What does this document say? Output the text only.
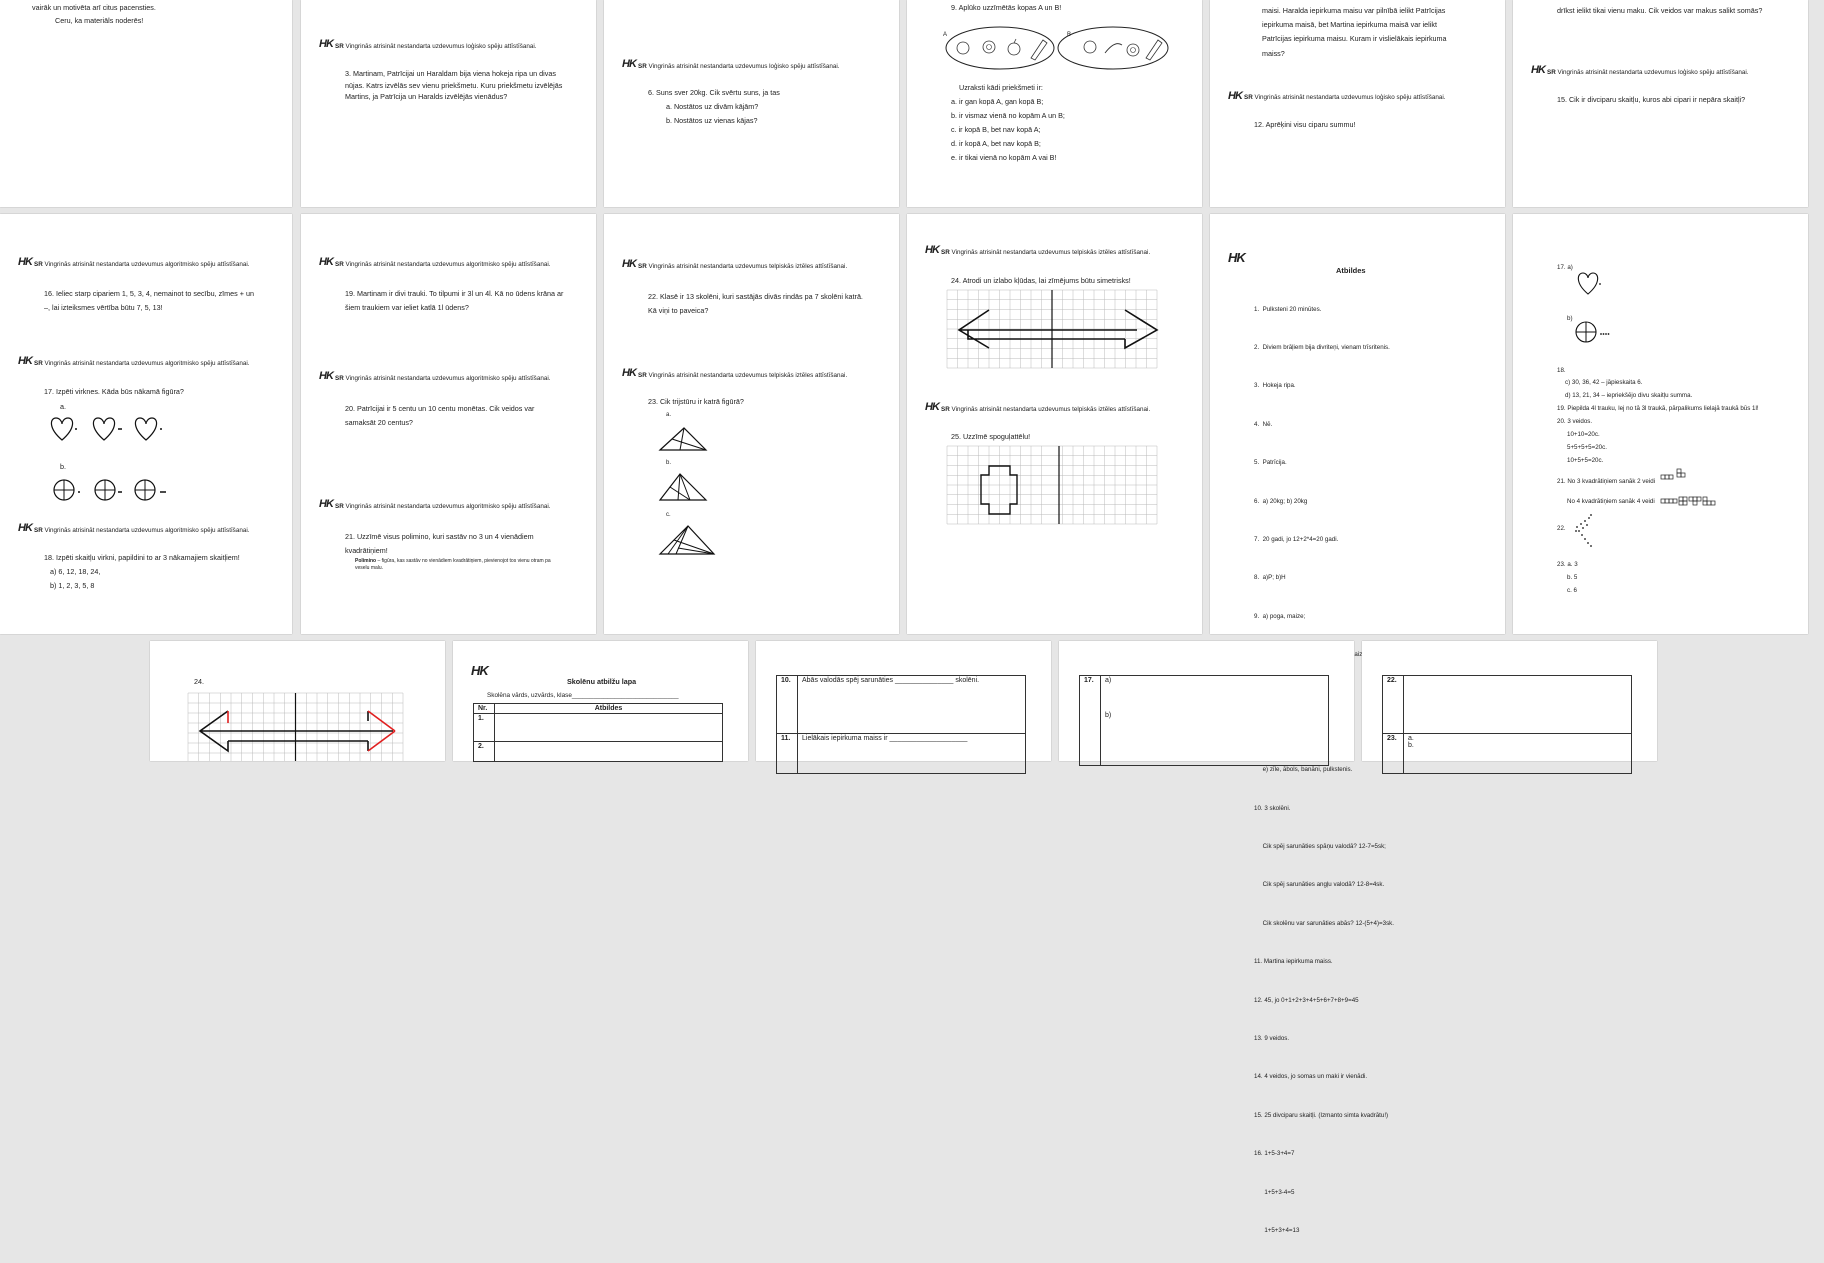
vairāk un motivēta arī citus pacensties.
Ceru, ka materiāls noderēs!
HK SR Vingrinās atrisināt nestandarta uzdevumus loģisko spēju attīstīšanai.
3. Martinam, Patrīcijai un Haraldam bija viena hokeja ripa un divas nūjas. Katrs izvēlās sev vienu priekšmetu. Kuru priekšmetu izvēlējās Martins, ja Patrīcija un Haralds izvēlējās vienādus?
HK SR Vingrinās atrisināt nestandarta uzdevumus loģisko spēju attīstīšanai.
6. Suns sver 20kg. Cik svērtu suns, ja tas
a. Nostātos uz divām kājām?
b. Nostātos uz vienas kājas?
9. Aplūko uzzīmētās kopas A un B!
A	B
Uzraksti kādi priekšmeti ir:
a. ir gan kopā A, gan kopā B;
b. ir vismaz vienā no kopām A un B;
c. ir kopā B, bet nav kopā A;
d. ir kopā A, bet nav kopā B;
e. ir tikai vienā no kopām A vai B!
maisi. Haralda iepirkuma maisu var pilnībā ielikt Patrīcijas
iepirkuma maisā, bet Martina iepirkuma maisā var ielikt
Patrīcijas iepirkuma maisu. Kuram ir vislielākais iepirkuma
maiss?
HK SR Vingrinās atrisināt nestandarta uzdevumus loģisko spēju attīstīšanai.
12. Aprēķini visu ciparu summu!
drīkst ielikt tikai vienu maku. Cik veidos var makus salikt somās?
HK SR Vingrinās atrisināt nestandarta uzdevumus loģisko spēju attīstīšanai.
15. Cik ir divciparu skaitļu, kuros abi cipari ir nepāra skaitļi?
HK SR Vingrinās atrisināt nestandarta uzdevumus algoritmisko spēju attīstīšanai.
16. Ieliec starp cipariem 1, 5, 3, 4, nemainot to secību, zīmes + un –, lai izteiksmes vērtība būtu 7, 5, 13!
HK SR Vingrinās atrisināt nestandarta uzdevumus algoritmisko spēju attīstīšanai.
17. Izpēti virknes. Kāda būs nākamā figūra?
a.
b.
HK SR Vingrinās atrisināt nestandarta uzdevumus algoritmisko spēju attīstīšanai.
18. Izpēti skaitļu virkni, papildini to ar 3 nākamajiem skaitļiem!
a) 6, 12, 18, 24,
b) 1, 2, 3, 5, 8
HK SR Vingrinās atrisināt nestandarta uzdevumus algoritmisko spēju attīstīšanai.
19. Martinam ir divi trauki. To tilpumi ir 3l un 4l. Kā no ūdens krāna ar šiem traukiem var ieliet katlā 1l ūdens?
HK SR Vingrinās atrisināt nestandarta uzdevumus algoritmisko spēju attīstīšanai.
20. Patrīcijai ir 5 centu un 10 centu monētas. Cik veidos var samaksāt 20 centus?
HK SR Vingrinās atrisināt nestandarta uzdevumus algoritmisko spēju attīstīšanai.
21. Uzzīmē visus polimino, kuri sastāv no 3 un 4 vienādiem kvadrātiņiem!
Polimino – figūra, kas sastāv no vienādiem kvadrātiņiem, pievienojot tos vienu otram pa veselu malu.
HK SR Vingrinās atrisināt nestandarta uzdevumus telpiskās iztēles attīstīšanai.
22. Klasē ir 13 skolēni, kuri sastājās divās rindās pa 7 skolēni katrā. Kā viņi to paveica?
HK SR Vingrinās atrisināt nestandarta uzdevumus telpiskās iztēles attīstīšanai.
23. Cik trijstūru ir katrā figūrā?
a.
b.
c.
HK SR Vingrinās atrisināt nestandarta uzdevumus telpiskās iztēles attīstīšanai.
24. Atrodi un izlabo kļūdas, lai zīmējums būtu simetrisks!
HK SR Vingrinās atrisināt nestandarta uzdevumus telpiskās iztēles attīstīšanai.
25. Uzzīmē spoguļattēlu!
HK
Atbildes

1.  Pulksteni 20 minūtes.

2.  Diviem brāļiem bija divriteņi, vienam trīsritenis.

3.  Hokeja ripa.

4.  Nē.

5.  Patrīcija.

6.  a) 20kg; b) 20kg

7.  20 gadi, jo 12+2*4=20 gadi.

8.  a)P; b)H

9.  a) poga, maize;

maize,

e) zīle, ābols, banāni, pulkstenis.

10. 3 skolēni.

Cik spēj sarunāties spāņu valodā? 12-7=5sk;

Cik spēj sarunāties angļu valodā? 12-8=4sk.

Cik skolēnu var sarunāties abās? 12-(5+4)=3sk.

11. Martina iepirkuma maiss.

12. 45, jo 0+1+2+3+4+5+6+7+8+9=45

13. 9 veidos.

14. 4 veidos, jo somas un maki ir vienādi.

15. 25 divciparu skaitļi. (Izmanto simta kvadrātu!)

16. 1+5-3+4=7

1+5+3-4=5

1+5+3+4=13

17. a)
b)
18.
c) 30, 36, 42 – jāpieskaita 6.
d) 13, 21, 34 – iepriekšējo divu skaitļu summa.
19. Piepilda 4l trauku, lej no tā 3l traukā, pārpalikums lielajā traukā būs 1l!
20. 3 veidos.
10+10=20c.
5+5+5+5=20c.
10+5+5=20c.
21. No 3 kvadrātiņiem sanāk 2 veidi
No 4 kvadrātiņiem sanāk 4 veidi
22.
23. a. 3
b. 5
c. 6
24.
HK
Skolēnu atbilžu lapa
Skolēna vārds, uzvārds, klase______________________________
Nr.	Atbildes
1.	
2.	
10.	Abās valodās spēj sarunāties _______________ skolēni.
11.	Lielākais iepirkuma maiss ir ____________________
17.	a)
b)
22.	
23.	a.
b.
